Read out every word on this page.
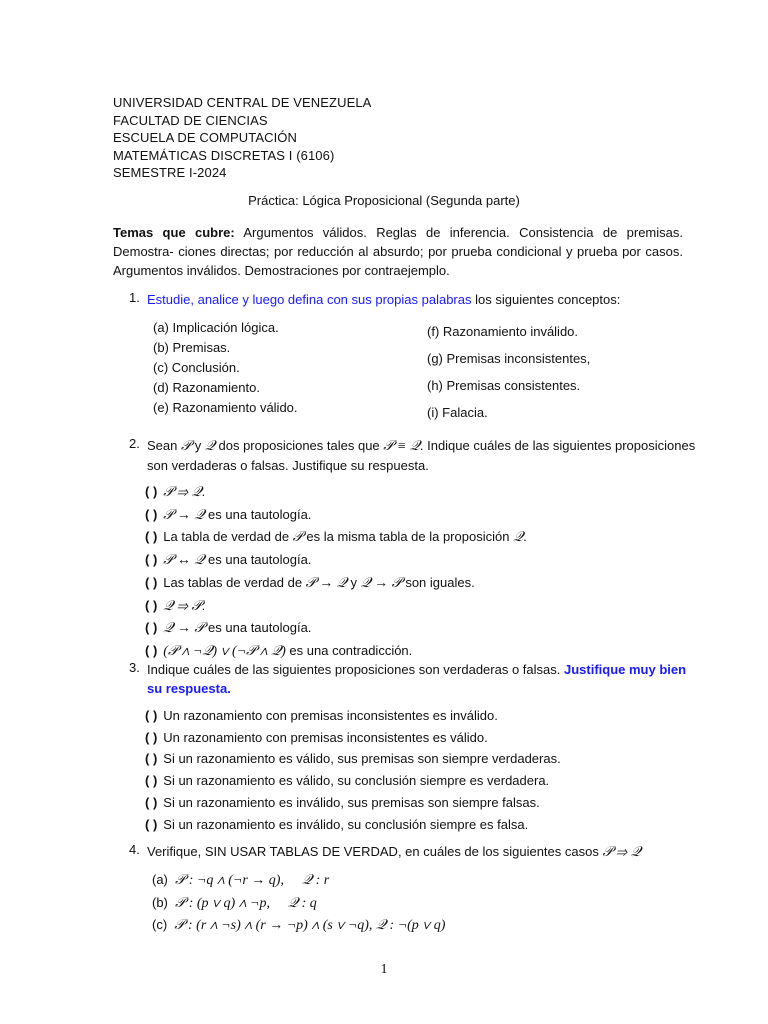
UNIVERSIDAD CENTRAL DE VENEZUELA
FACULTAD DE CIENCIAS
ESCUELA DE COMPUTACIÓN
MATEMÁTICAS DISCRETAS I (6106)
SEMESTRE I-2024
Práctica: Lógica Proposicional (Segunda parte)
Temas que cubre: Argumentos válidos. Reglas de inferencia. Consistencia de premisas. Demostra- ciones directas; por reducción al absurdo; por prueba condicional y prueba por casos. Argumentos inválidos. Demostraciones por contraejemplo.
1. Estudie, analice y luego defina con sus propias palabras los siguientes conceptos:
(a) Implicación lógica.
(b) Premisas.
(c) Conclusión.
(d) Razonamiento.
(e) Razonamiento válido.
(f) Razonamiento inválido.
(g) Premisas inconsistentes,
(h) Premisas consistentes.
(i) Falacia.
2. Sean 𝒫 y 𝒬 dos proposiciones tales que 𝒫 ≡ 𝒬. Indique cuáles de las siguientes proposiciones
son verdaderas o falsas. Justifique su respuesta.
( ) 𝒫 ⇒ 𝒬.
( ) 𝒫 → 𝒬 es una tautología.
( ) La tabla de verdad de 𝒫 es la misma tabla de la proposición 𝒬.
( ) 𝒫 ↔ 𝒬 es una tautología.
( ) Las tablas de verdad de 𝒫 → 𝒬 y 𝒬 → 𝒫 son iguales.
( ) 𝒬 ⇒ 𝒫.
( ) 𝒬 → 𝒫 es una tautología.
( ) (𝒫 ∧ ¬𝒬) ∨ (¬𝒫 ∧ 𝒬) es una contradicción.
3. Indique cuáles de las siguientes proposiciones son verdaderas o falsas. Justifique muy bien
su respuesta.
( ) Un razonamiento con premisas inconsistentes es inválido.
( ) Un razonamiento con premisas inconsistentes es válido.
( ) Si un razonamiento es válido, sus premisas son siempre verdaderas.
( ) Si un razonamiento es válido, su conclusión siempre es verdadera.
( ) Si un razonamiento es inválido, sus premisas son siempre falsas.
( ) Si un razonamiento es inválido, su conclusión siempre es falsa.
4. Verifique, SIN USAR TABLAS DE VERDAD, en cuáles de los siguientes casos 𝒫 ⇒ 𝒬
(a) 𝒫 : ¬q ∧ (¬r → q), 𝒬 : r
(b) 𝒫 : (p ∨ q) ∧ ¬p, 𝒬 : q
(c) 𝒫 : (r ∧ ¬s) ∧ (r → ¬p) ∧ (s ∨ ¬q), 𝒬 : ¬(p ∨ q)
1
